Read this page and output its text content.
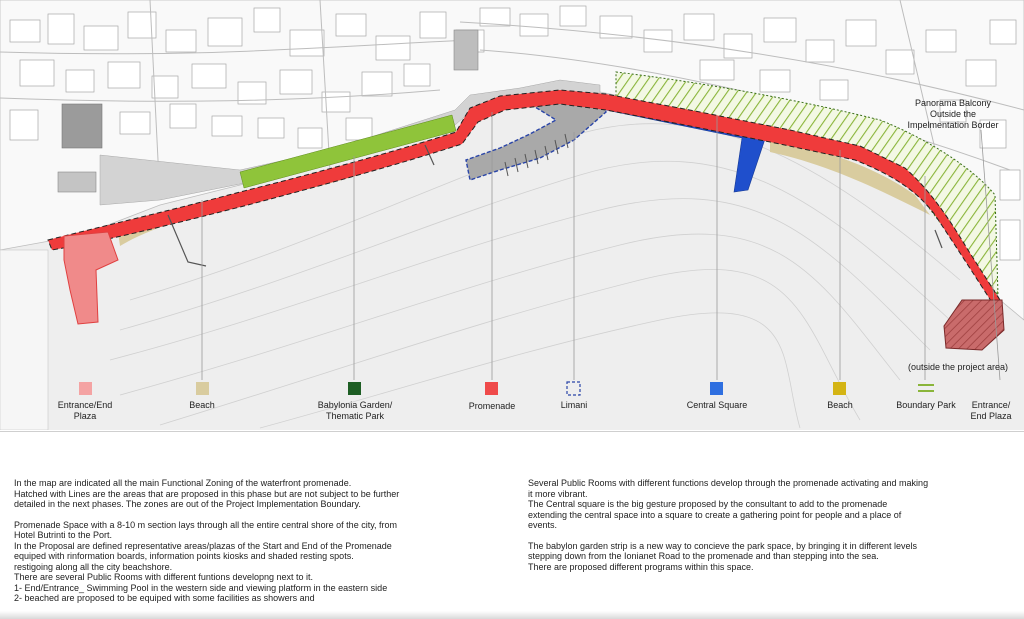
Panorama Balcony
Outside the
Impelmentation Border
(outside the project area)
Entrance/End
Plaza
Beach	Babylonia Garden/
Thematic Park
Promenade	Limani	Central Square	Beach	Boundary Park	Entrance/
End Plaza

In the map are indicated all the main Functional Zoning of the waterfront promenade.

Hatched with Lines are the areas that are proposed in this phase but are not subject to be further

detailed in the next phases. The zones are out of the Project Implementation Boundary.

Promenade Space with a 8-10 m section lays through all the entire central shore of the city, from

Hotel Butrinti to the Port.

In the Proposal are defined representative areas/plazas of the Start and End of the Promenade

equiped with rinformation boards, information points kiosks and shaded resting spots.

restigoing along all the city beachshore.

There are several Public Rooms with different funtions developng next to it.

1- End/Entrance_ Swimming Pool in the western side and viewing platform in the eastern side

2- beached are proposed to be equiped with some facilities as showers and

Several Public Rooms with different functions develop through the promenade activating and making

it more vibrant.

The Central square is the big gesture proposed by the consultant to add to the promenade

extending the central space into a square to create a gathering point for people and a place of

events.

The babylon garden strip is a new way to concieve the park space, by bringing it in different levels

stepping down from the Ionianet Road to the promenade and than stepping into the sea.

There are proposed different programs within this space.
